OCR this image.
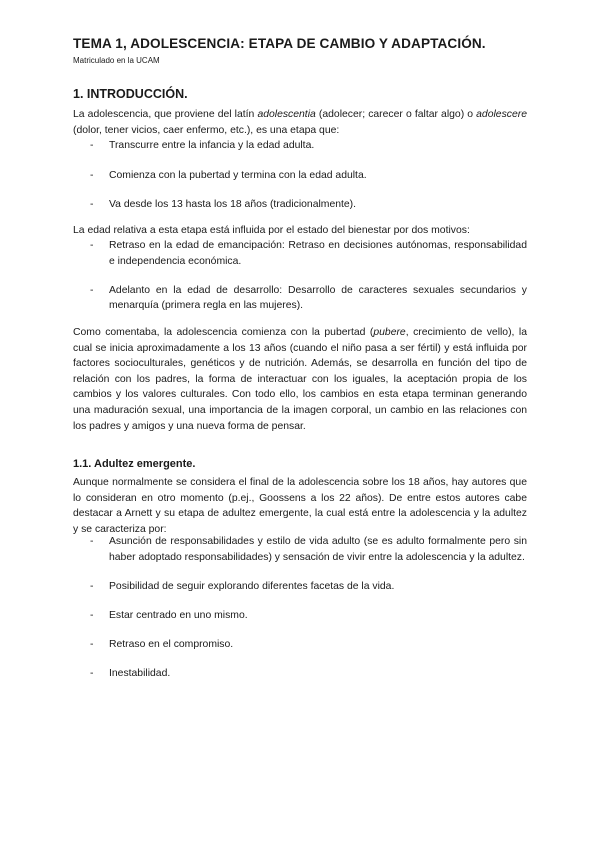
TEMA 1, ADOLESCENCIA: ETAPA DE CAMBIO Y ADAPTACIÓN.

Matriculado en la UCAM

1. INTRODUCCIÓN.

La adolescencia, que proviene del latín adolescentia (adolecer; carecer o faltar algo) o adolescere (dolor, tener vicios, caer enfermo, etc.), es una etapa que:

- Transcurre entre la infancia y la edad adulta.
- Comienza con la pubertad y termina con la edad adulta.
- Va desde los 13 hasta los 18 años (tradicionalmente).

La edad relativa a esta etapa está influida por el estado del bienestar por dos motivos:

- Retraso en la edad de emancipación: Retraso en decisiones autónomas, responsabilidad e independencia económica.
- Adelanto en la edad de desarrollo: Desarrollo de caracteres sexuales secundarios y menarquía (primera regla en las mujeres).

Como comentaba, la adolescencia comienza con la pubertad (pubere, crecimiento de vello), la cual se inicia aproximadamente a los 13 años (cuando el niño pasa a ser fértil) y está influida por factores socioculturales, genéticos y de nutrición. Además, se desarrolla en función del tipo de relación con los padres, la forma de interactuar con los iguales, la aceptación propia de los cambios y los valores culturales. Con todo ello, los cambios en esta etapa terminan generando una maduración sexual, una importancia de la imagen corporal, un cambio en las relaciones con los padres y amigos y una nueva forma de pensar.

1.1. Adultez emergente.

Aunque normalmente se considera el final de la adolescencia sobre los 18 años, hay autores que lo consideran en otro momento (p.ej., Goossens a los 22 años). De entre estos autores cabe destacar a Arnett y su etapa de adultez emergente, la cual está entre la adolescencia y la adultez y se caracteriza por:

- Asunción de responsabilidades y estilo de vida adulto (se es adulto formalmente pero sin haber adoptado responsabilidades) y sensación de vivir entre la adolescencia y la adultez.
- Posibilidad de seguir explorando diferentes facetas de la vida.
- Estar centrado en uno mismo.
- Retraso en el compromiso.
- Inestabilidad.
